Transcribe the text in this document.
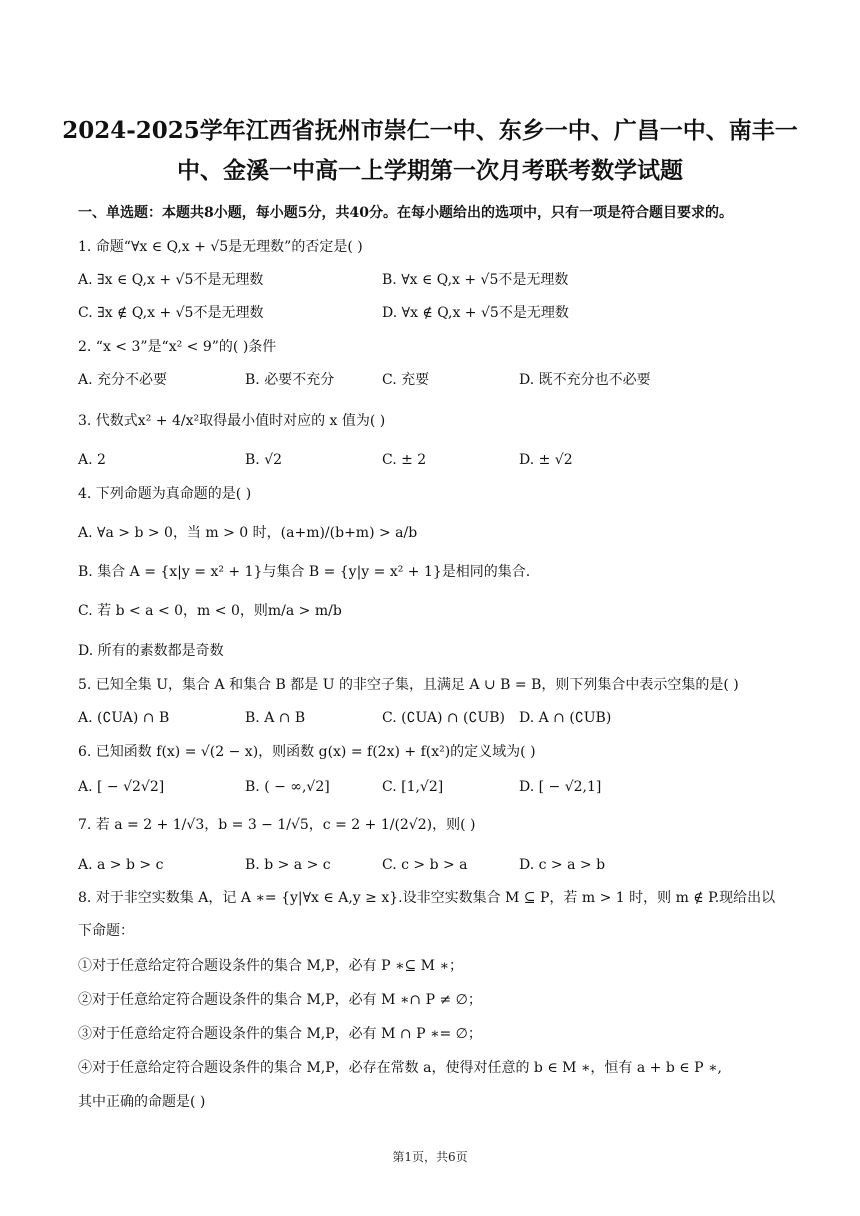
2024-2025学年江西省抚州市崇仁一中、东乡一中、广昌一中、南丰一
中、金溪一中高一上学期第一次月考联考数学试题
一、单选题：本题共8小题，每小题5分，共40分。在每小题给出的选项中，只有一项是符合题目要求的。
1. 命题“∀x ∈ Q,x + √5是无理数”的否定是( )
A. ∃x ∈ Q,x + √5不是无理数	B. ∀x ∈ Q,x + √5不是无理数
C. ∃x ∉ Q,x + √5不是无理数	D. ∀x ∉ Q,x + √5不是无理数
2. “x < 3”是“x² < 9”的( )条件
A. 充分不必要	B. 必要不充分	C. 充要	D. 既不充分也不必要
3. 代数式x² + 4/x²取得最小值时对应的 x 值为( )
A. 2	B. √2	C. ± 2	D. ± √2
4. 下列命题为真命题的是( )
A. ∀a > b > 0，当 m > 0 时，(a+m)/(b+m) > a/b
B. 集合 A = {x|y = x² + 1}与集合 B = {y|y = x² + 1}是相同的集合.
C. 若 b < a < 0，m < 0，则m/a > m/b
D. 所有的素数都是奇数
5. 已知全集 U，集合 A 和集合 B 都是 U 的非空子集，且满足 A ∪ B = B，则下列集合中表示空集的是( )
A. (∁UA) ∩ B	B. A ∩ B	C. (∁UA) ∩ (∁UB) D. A ∩ (∁UB)
6. 已知函数 f(x) = √(2 − x)，则函数 g(x) = f(2x) + f(x²)的定义域为( )
A. [ − √2√2]	B. ( − ∞,√2]	C. [1,√2]	D. [ − √2,1]
7. 若 a = 2 + 1/√3，b = 3 − 1/√5，c = 2 + 1/(2√2)，则( )
A. a > b > c	B. b > a > c	C. c > b > a	D. c > a > b
8. 对于非空实数集 A，记 A ∗= {y|∀x ∈ A,y ≥ x}.设非空实数集合 M ⊆ P，若 m > 1 时，则 m ∉ P.现给出以
下命题：
①对于任意给定符合题设条件的集合 M,P，必有 P ∗⊆ M ∗；
②对于任意给定符合题设条件的集合 M,P，必有 M ∗∩ P ≠ ∅；
③对于任意给定符合题设条件的集合 M,P，必有 M ∩ P ∗= ∅；
④对于任意给定符合题设条件的集合 M,P，必存在常数 a，使得对任意的 b ∈ M ∗，恒有 a + b ∈ P ∗,
其中正确的命题是( )
第1页，共6页
